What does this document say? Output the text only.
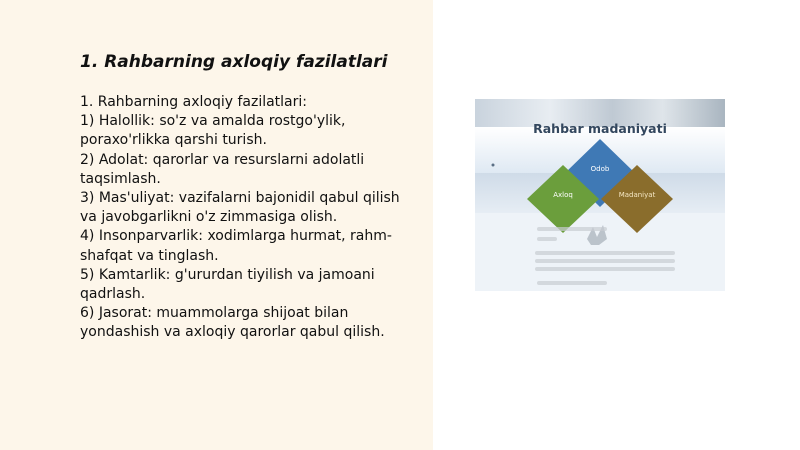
1. Rahbarning axloqiy fazilatlari
1. Rahbarning axloqiy fazilatlari:
1) Halollik: so'z va amalda rostgo'ylik,
poraxo'rlikka qarshi turish.
2) Adolat: qarorlar va resurslarni adolatli
taqsimlash.
3) Mas'uliyat: vazifalarni bajonidil qabul qilish
va javobgarlikni o'z zimmasiga olish.
4) Insonparvarlik: xodimlarga hurmat, rahm-
shafqat va tinglash.
5) Kamtarlik: g'ururdan tiyilish va jamoani
qadrlash.
6) Jasorat: muammolarga shijoat bilan
yondashish va axloqiy qarorlar qabul qilish.
Rahbar madaniyati
Odob
Axloq	Madaniyat
